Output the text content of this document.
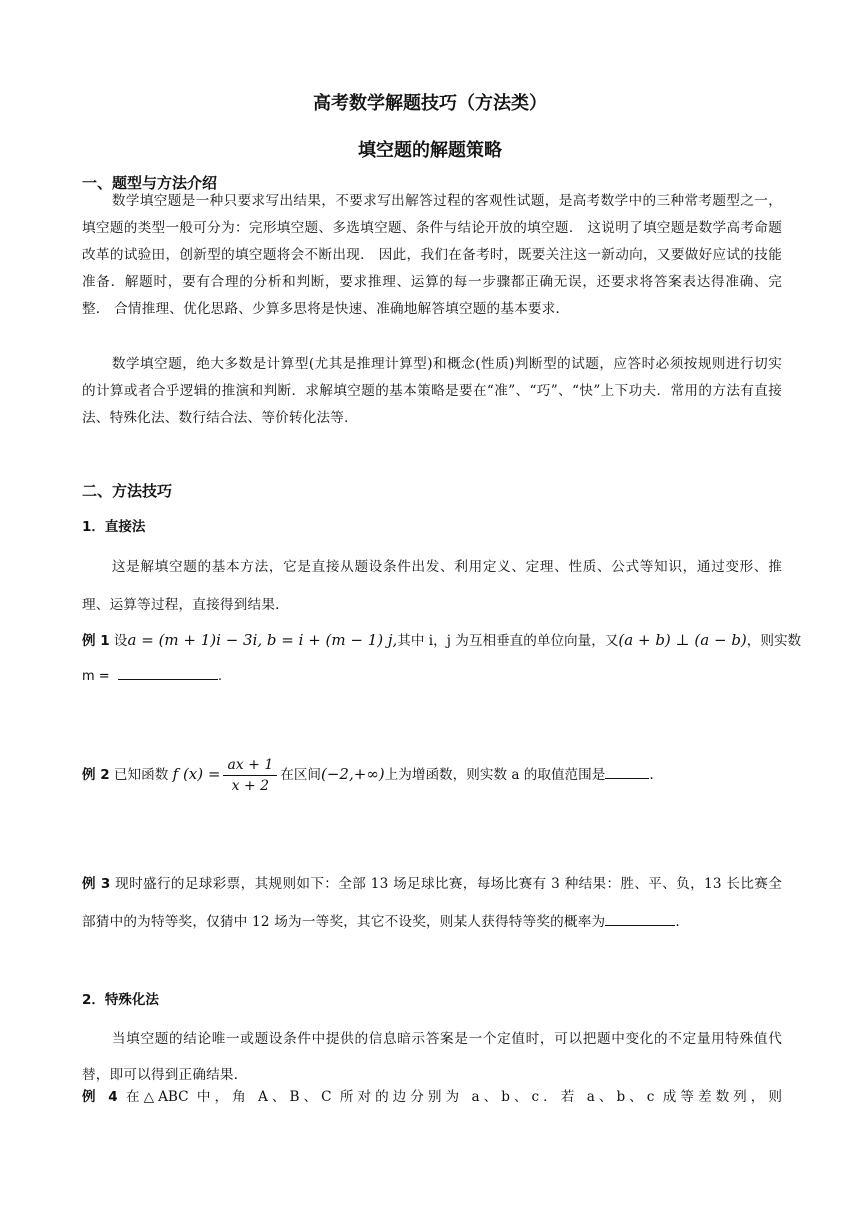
高考数学解题技巧（方法类）
填空题的解题策略
一、题型与方法介绍

数学填空题是一种只要求写出结果，不要求写出解答过程的客观性试题，是高考数学中的三种常考题型之一，填空题的类型一般可分为：完形填空题、多选填空题、条件与结论开放的填空题． 这说明了填空题是数学高考命题改革的试验田，创新型的填空题将会不断出现． 因此，我们在备考时，既要关注这一新动向，又要做好应试的技能准备．解题时，要有合理的分析和判断，要求推理、运算的每一步骤都正确无误，还要求将答案表达得准确、完整． 合情推理、优化思路、少算多思将是快速、准确地解答填空题的基本要求．

数学填空题，绝大多数是计算型(尤其是推理计算型)和概念(性质)判断型的试题，应答时必须按规则进行切实的计算或者合乎逻辑的推演和判断．求解填空题的基本策略是要在“准”、“巧”、“快”上下功夫．常用的方法有直接法、特殊化法、数行结合法、等价转化法等．

二、方法技巧
1．直接法

这是解填空题的基本方法，它是直接从题设条件出发、利用定义、定理、性质、公式等知识，通过变形、推理、运算等过程，直接得到结果．

例 1 设a = (m + 1)i − 3i, b = i + (m − 1) j,其中 i，j 为互相垂直的单位向量，又(a + b) ⊥ (a − b)，则实数
m =	.
例 2 已知函数 f $(x) = \frac{ax + 1}{x + 2}$ 在区间(−2,+∞)上为增函数，则实数 a 的取值范围是	.

例 3 现时盛行的足球彩票，其规则如下：全部 13 场足球比赛，每场比赛有 3 种结果：胜、平、负，13 长比赛全部猜中的为特等奖，仅猜中 12 场为一等奖，其它不设奖，则某人获得特等奖的概率为	.

2．特殊化法

当填空题的结论唯一或题设条件中提供的信息暗示答案是一个定值时，可以把题中变化的不定量用特殊值代替，即可以得到正确结果．

例 4 在△ABC 中，角 A、B、C 所对的边分别为 a、b、c．若 a、b、c 成等差数列，则
